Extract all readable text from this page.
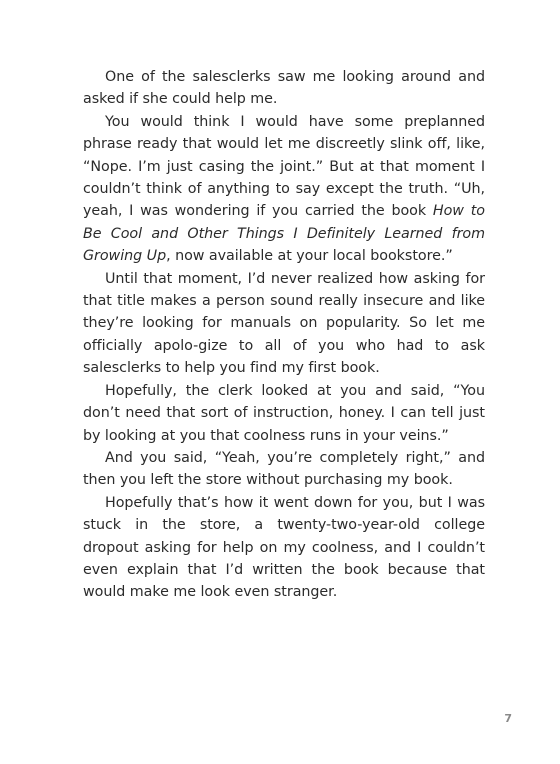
One of the salesclerks saw me looking around and asked if she could help me.

You would think I would have some preplanned phrase ready that would let me discreetly slink off, like, “Nope. I’m just casing the joint.” But at that moment I couldn’t think of anything to say except the truth. “Uh, yeah, I was wondering if you carried the book How to Be Cool and Other Things I Definitely Learned from Growing Up, now available at your local bookstore.”

Until that moment, I’d never realized how asking for that title makes a person sound really insecure and like they’re looking for manuals on popularity. So let me officially apolo-gize to all of you who had to ask salesclerks to help you find my first book.

Hopefully, the clerk looked at you and said, “You don’t need that sort of instruction, honey. I can tell just by looking at you that coolness runs in your veins.”

And you said, “Yeah, you’re completely right,” and then you left the store without purchasing my book.

Hopefully that’s how it went down for you, but I was stuck in the store, a twenty-two-year-old college dropout asking for help on my coolness, and I couldn’t even explain that I’d written the book because that would make me look even stranger.

7
